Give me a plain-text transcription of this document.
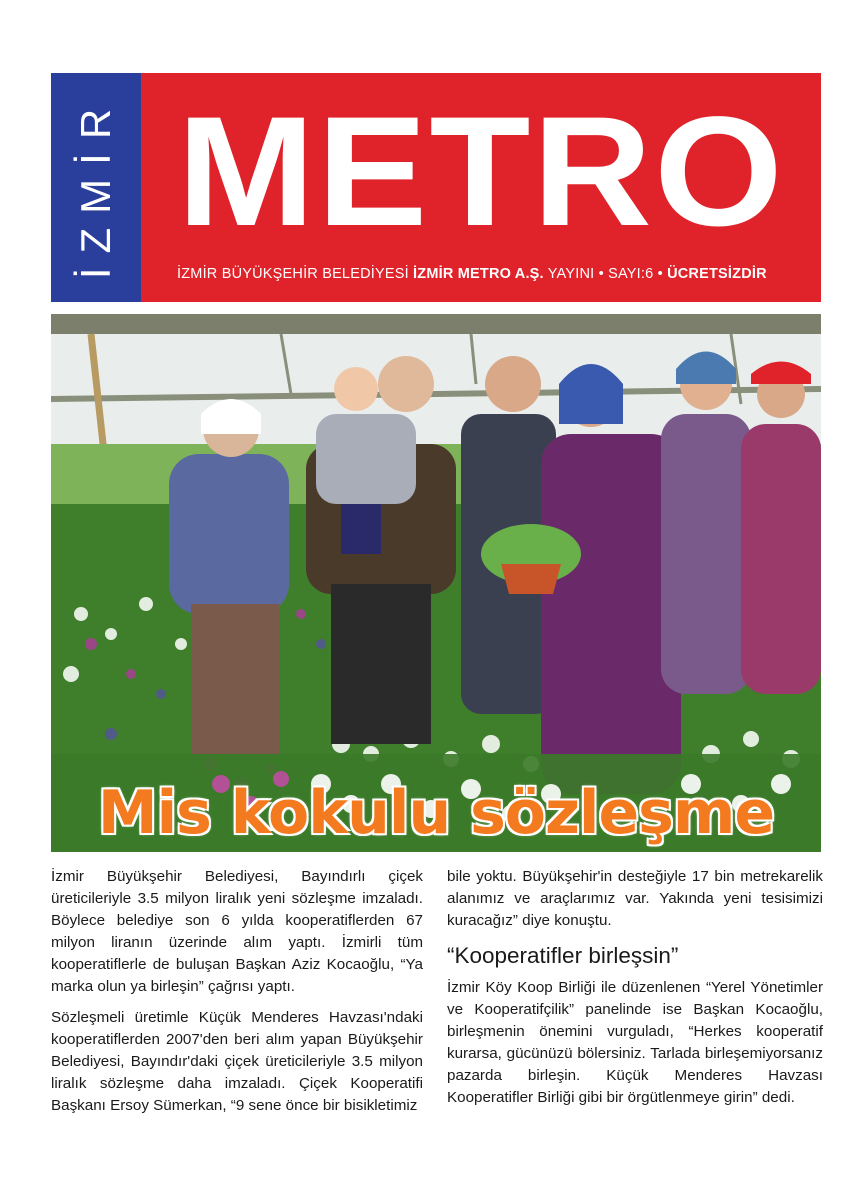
İZMİR METRO
İZMİR BÜYÜKŞEHİR BELEDİYESİ İZMİR METRO A.Ş. YAYINI • SAYI:6 • ÜCRETSİZDİR
Mis kokulu sözleşme

İzmir Büyükşehir Belediyesi, Bayındırlı çiçek üreticileriyle 3.5 milyon liralık yeni sözleşme imzaladı. Böylece belediye son 6 yılda kooperatiflerden 67 milyon liranın üzerinde alım yaptı. İzmirli tüm kooperatiflerle de buluşan Başkan Aziz Kocaoğlu, “Ya marka olun ya birleşin” çağrısı yaptı.

Sözleşmeli üretimle Küçük Menderes Havzası'ndaki kooperatiflerden 2007'den beri alım yapan Büyükşehir Belediyesi, Bayındır'daki çiçek üreticileriyle 3.5 milyon liralık sözleşme daha imzaladı. Çiçek Kooperatifi Başkanı Ersoy Sümerkan, “9 sene önce bir bisikletimiz

bile yoktu. Büyükşehir'in desteğiyle 17 bin metrekarelik alanımız ve araçlarımız var. Yakında yeni tesisimizi kuracağız” diye konuştu.

“Kooperatifler birleşsin”

İzmir Köy Koop Birliği ile düzenlenen “Yerel Yönetimler ve Kooperatifçilik” panelinde ise Başkan Kocaoğlu, birleşmenin önemini vurguladı, “Herkes kooperatif kurarsa, gücünüzü bölersiniz. Tarlada birleşemiyorsanız pazarda birleşin. Küçük Menderes Havzası Kooperatifler Birliği gibi bir örgütlenmeye girin” dedi.
